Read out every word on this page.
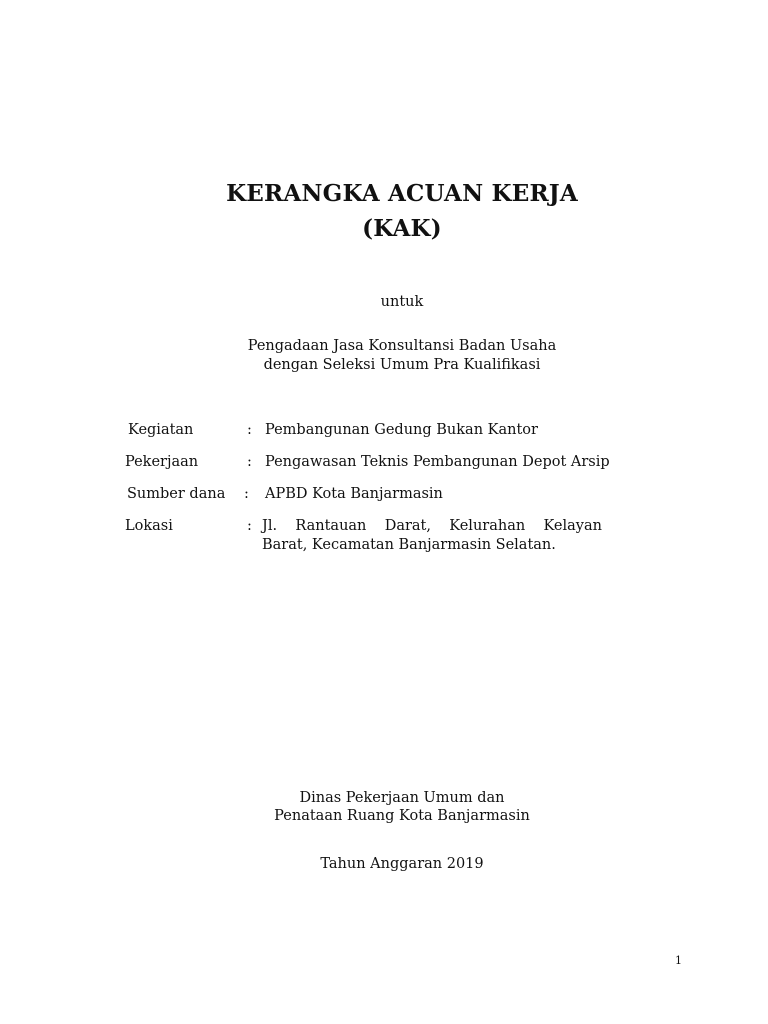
KERANGKA ACUAN KERJA
(KAK)

untuk

Pengadaan Jasa Konsultansi Badan Usaha

dengan Seleksi Umum Pra Kualifikasi

Kegiatan	: Pembangunan Gedung Bukan Kantor
Pekerjaan	: Pengawasan Teknis Pembangunan Depot Arsip
Sumber dana : APBD Kota Banjarmasin
Lokasi	: Jl. Rantauan Darat, Kelurahan Kelayan
Barat, Kecamatan Banjarmasin Selatan.

Dinas Pekerjaan Umum dan

Penataan Ruang Kota Banjarmasin

Tahun Anggaran 2019

1
